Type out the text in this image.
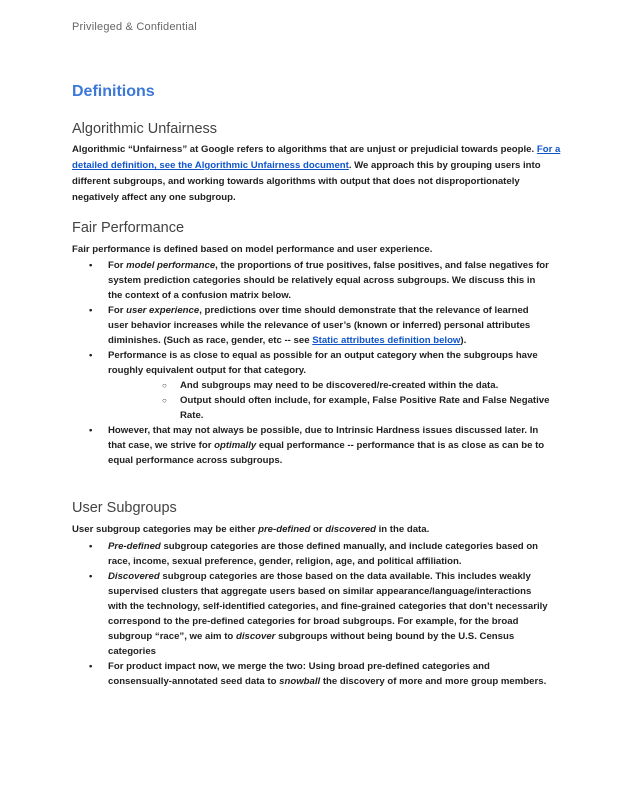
Privileged & Confidential
Definitions
Algorithmic Unfairness

Algorithmic “Unfairness” at Google refers to algorithms that are unjust or prejudicial towards people. For a detailed definition, see the Algorithmic Unfairness document. We approach this by grouping users into different subgroups, and working towards algorithms with output that does not disproportionately negatively affect any one subgroup.

Fair Performance

Fair performance is defined based on model performance and user experience.

• For model performance, the proportions of true positives, false positives, and false negatives for system prediction categories should be relatively equal across subgroups. We discuss this in the context of a confusion matrix below.
• For user experience, predictions over time should demonstrate that the relevance of learned user behavior increases while the relevance of user’s (known or inferred) personal attributes diminishes. (Such as race, gender, etc -- see Static attributes definition below).
• Performance is as close to equal as possible for an output category when the subgroups have roughly equivalent output for that category.
○ And subgroups may need to be discovered/re-created within the data.
○ Output should often include, for example, False Positive Rate and False Negative Rate.
• However, that may not always be possible, due to Intrinsic Hardness issues discussed later. In that case, we strive for optimally equal performance -- performance that is as close as can be to equal performance across subgroups.
User Subgroups

User subgroup categories may be either pre-defined or discovered in the data.

• Pre-defined subgroup categories are those defined manually, and include categories based on race, income, sexual preference, gender, religion, age, and political affiliation.
• Discovered subgroup categories are those based on the data available. This includes weakly supervised clusters that aggregate users based on similar appearance/language/interactions with the technology, self-identified categories, and fine-grained categories that don’t necessarily correspond to the pre-defined categories for broad subgroups. For example, for the broad subgroup “race”, we aim to discover subgroups without being bound by the U.S. Census categories
• For product impact now, we merge the two: Using broad pre-defined categories and consensually-annotated seed data to snowball the discovery of more and more group members.
